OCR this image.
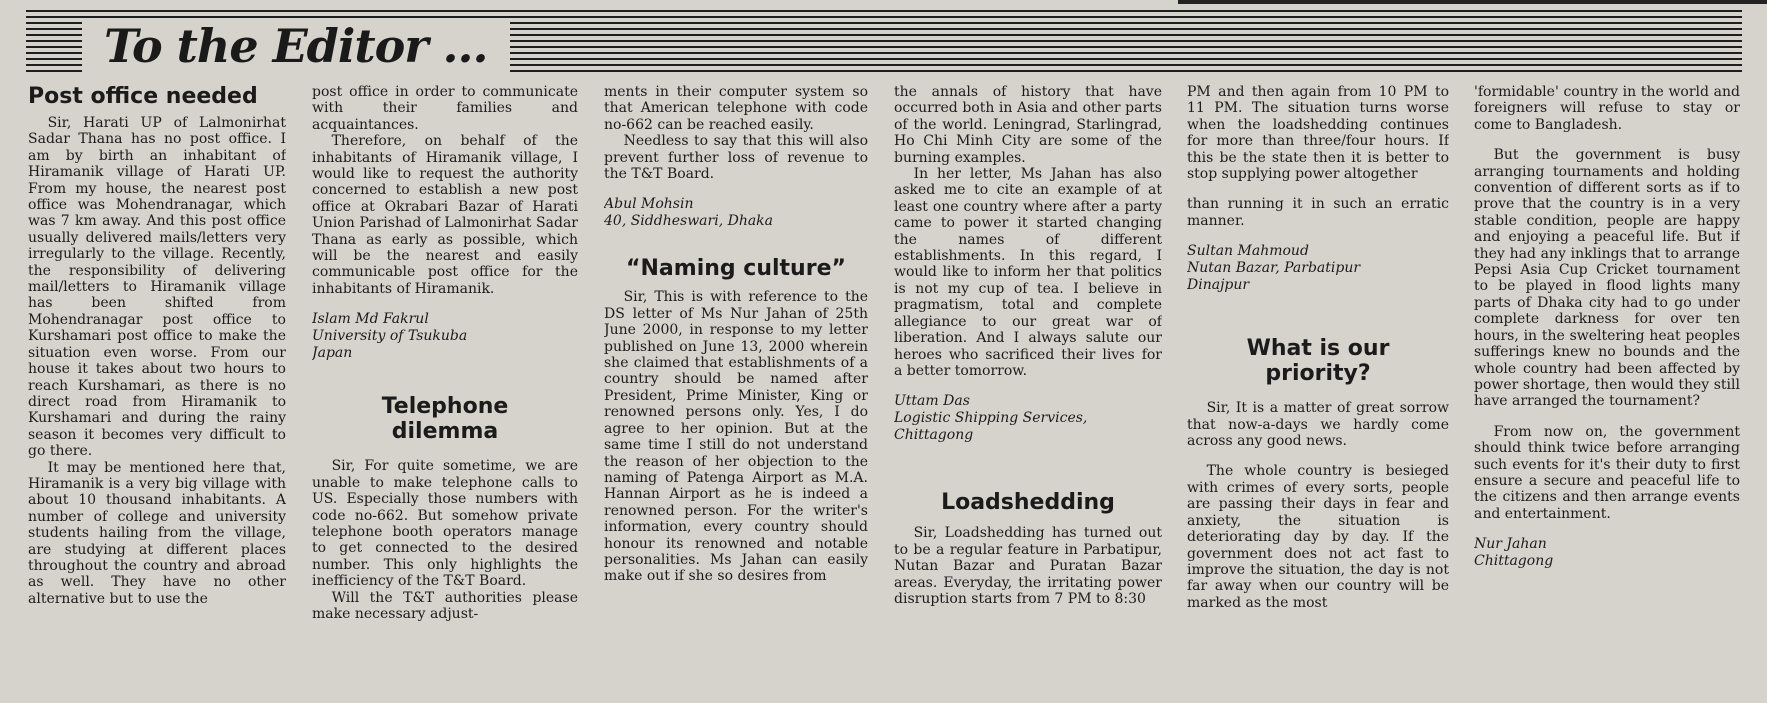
To the Editor ...
Post office needed

Sir, Harati UP of Lalmonirhat Sadar Thana has no post office. I am by birth an inhabitant of Hiramanik village of Harati UP. From my house, the nearest post office was Mohendranagar, which was 7 km away. And this post office usually delivered mails/letters very irregularly to the village. Recently, the responsibility of delivering mail/letters to Hiramanik village has been shifted from Mohendranagar post office to Kurshamari post office to make the situation even worse. From our house it takes about two hours to reach Kurshamari, as there is no direct road from Hiramanik to Kurshamari and during the rainy season it becomes very difficult to go there.

It may be mentioned here that, Hiramanik is a very big village with about 10 thousand inhabitants. A number of college and university students hailing from the village, are studying at different places throughout the country and abroad as well. They have no other alternative but to use the

post office in order to communicate with their families and acquaintances.

Therefore, on behalf of the inhabitants of Hiramanik village, I would like to request the authority concerned to establish a new post office at Okrabari Bazar of Harati Union Parishad of Lalmonirhat Sadar Thana as early as possible, which will be the nearest and easily communicable post office for the inhabitants of Hiramanik.

Islam Md Fakrul
University of Tsukuba
Japan
Telephone
dilemma

Sir, For quite sometime, we are unable to make telephone calls to US. Especially those numbers with code no-662. But somehow private telephone booth operators manage to get connected to the desired number. This only highlights the inefficiency of the T&T Board.

Will the T&T authorities please make necessary adjust-

ments in their computer system so that American telephone with code no-662 can be reached easily.

Needless to say that this will also prevent further loss of revenue to the T&T Board.

Abul Mohsin
40, Siddheswari, Dhaka
“Naming culture”

Sir, This is with reference to the DS letter of Ms Nur Jahan of 25th June 2000, in response to my letter published on June 13, 2000 wherein she claimed that establishments of a country should be named after President, Prime Minister, King or renowned persons only. Yes, I do agree to her opinion. But at the same time I still do not understand the reason of her objection to the naming of Patenga Airport as M.A. Hannan Airport as he is indeed a renowned person. For the writer's information, every country should honour its renowned and notable personalities. Ms Jahan can easily make out if she so desires from

the annals of history that have occurred both in Asia and other parts of the world. Leningrad, Starlingrad, Ho Chi Minh City are some of the burning examples.

In her letter, Ms Jahan has also asked me to cite an example of at least one country where after a party came to power it started changing the names of different establishments. In this regard, I would like to inform her that politics is not my cup of tea. I believe in pragmatism, total and complete allegiance to our great war of liberation. And I always salute our heroes who sacrificed their lives for a better tomorrow.

Uttam Das
Logistic Shipping Services,
Chittagong
Loadshedding

Sir, Loadshedding has turned out to be a regular feature in Parbatipur, Nutan Bazar and Puratan Bazar areas. Everyday, the irritating power disruption starts from 7 PM to 8:30

PM and then again from 10 PM to 11 PM. The situation turns worse when the loadshedding continues for more than three/four hours. If this be the state then it is better to stop supplying power altogether

than running it in such an erratic manner.

Sultan Mahmoud
Nutan Bazar, Parbatipur
Dinajpur
What is our
priority?

Sir, It is a matter of great sorrow that now-a-days we hardly come across any good news.

The whole country is besieged with crimes of every sorts, people are passing their days in fear and anxiety, the situation is deteriorating day by day. If the government does not act fast to improve the situation, the day is not far away when our country will be marked as the most

'formidable' country in the world and foreigners will refuse to stay or come to Bangladesh.

But the government is busy arranging tournaments and holding convention of different sorts as if to prove that the country is in a very stable condition, people are happy and enjoying a peaceful life. But if they had any inklings that to arrange Pepsi Asia Cup Cricket tournament to be played in flood lights many parts of Dhaka city had to go under complete darkness for over ten hours, in the sweltering heat peoples sufferings knew no bounds and the whole country had been affected by power shortage, then would they still have arranged the tournament?

From now on, the government should think twice before arranging such events for it's their duty to first ensure a secure and peaceful life to the citizens and then arrange events and entertainment.

Nur Jahan
Chittagong
